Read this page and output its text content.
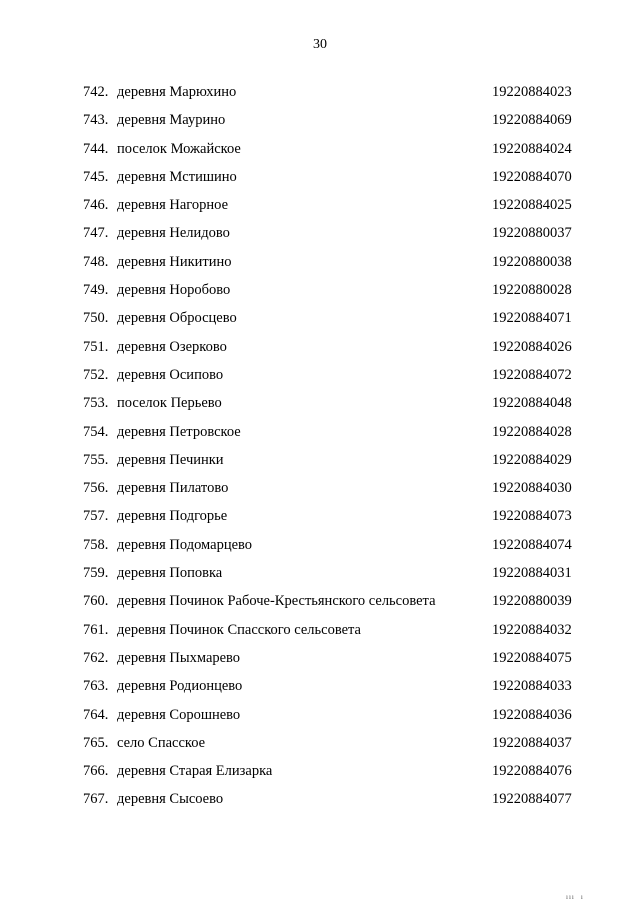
30
742. деревня Марюхино	19220884023
743. деревня Маурино	19220884069
744. поселок Можайское	19220884024
745. деревня Мстишино	19220884070
746. деревня Нагорное	19220884025
747. деревня Нелидово	19220880037
748. деревня Никитино	19220880038
749. деревня Норобово	19220880028
750. деревня Обросцево	19220884071
751. деревня Озерково	19220884026
752. деревня Осипово	19220884072
753. поселок Перьево	19220884048
754. деревня Петровское	19220884028
755. деревня Печинки	19220884029
756. деревня Пилатово	19220884030
757. деревня Подгорье	19220884073
758. деревня Подомарцево	19220884074
759. деревня Поповка	19220884031
760. деревня Починок Рабоче-Крестьянского сельсовета	19220880039
761. деревня Починок Спасского сельсовета	19220884032
762. деревня Пыхмарево	19220884075
763. деревня Родионцево	19220884033
764. деревня Сорошнево	19220884036
765. село Спасское	19220884037
766. деревня Старая Елизарка	19220884076
767. деревня Сысоево	19220884077
ııı ı
